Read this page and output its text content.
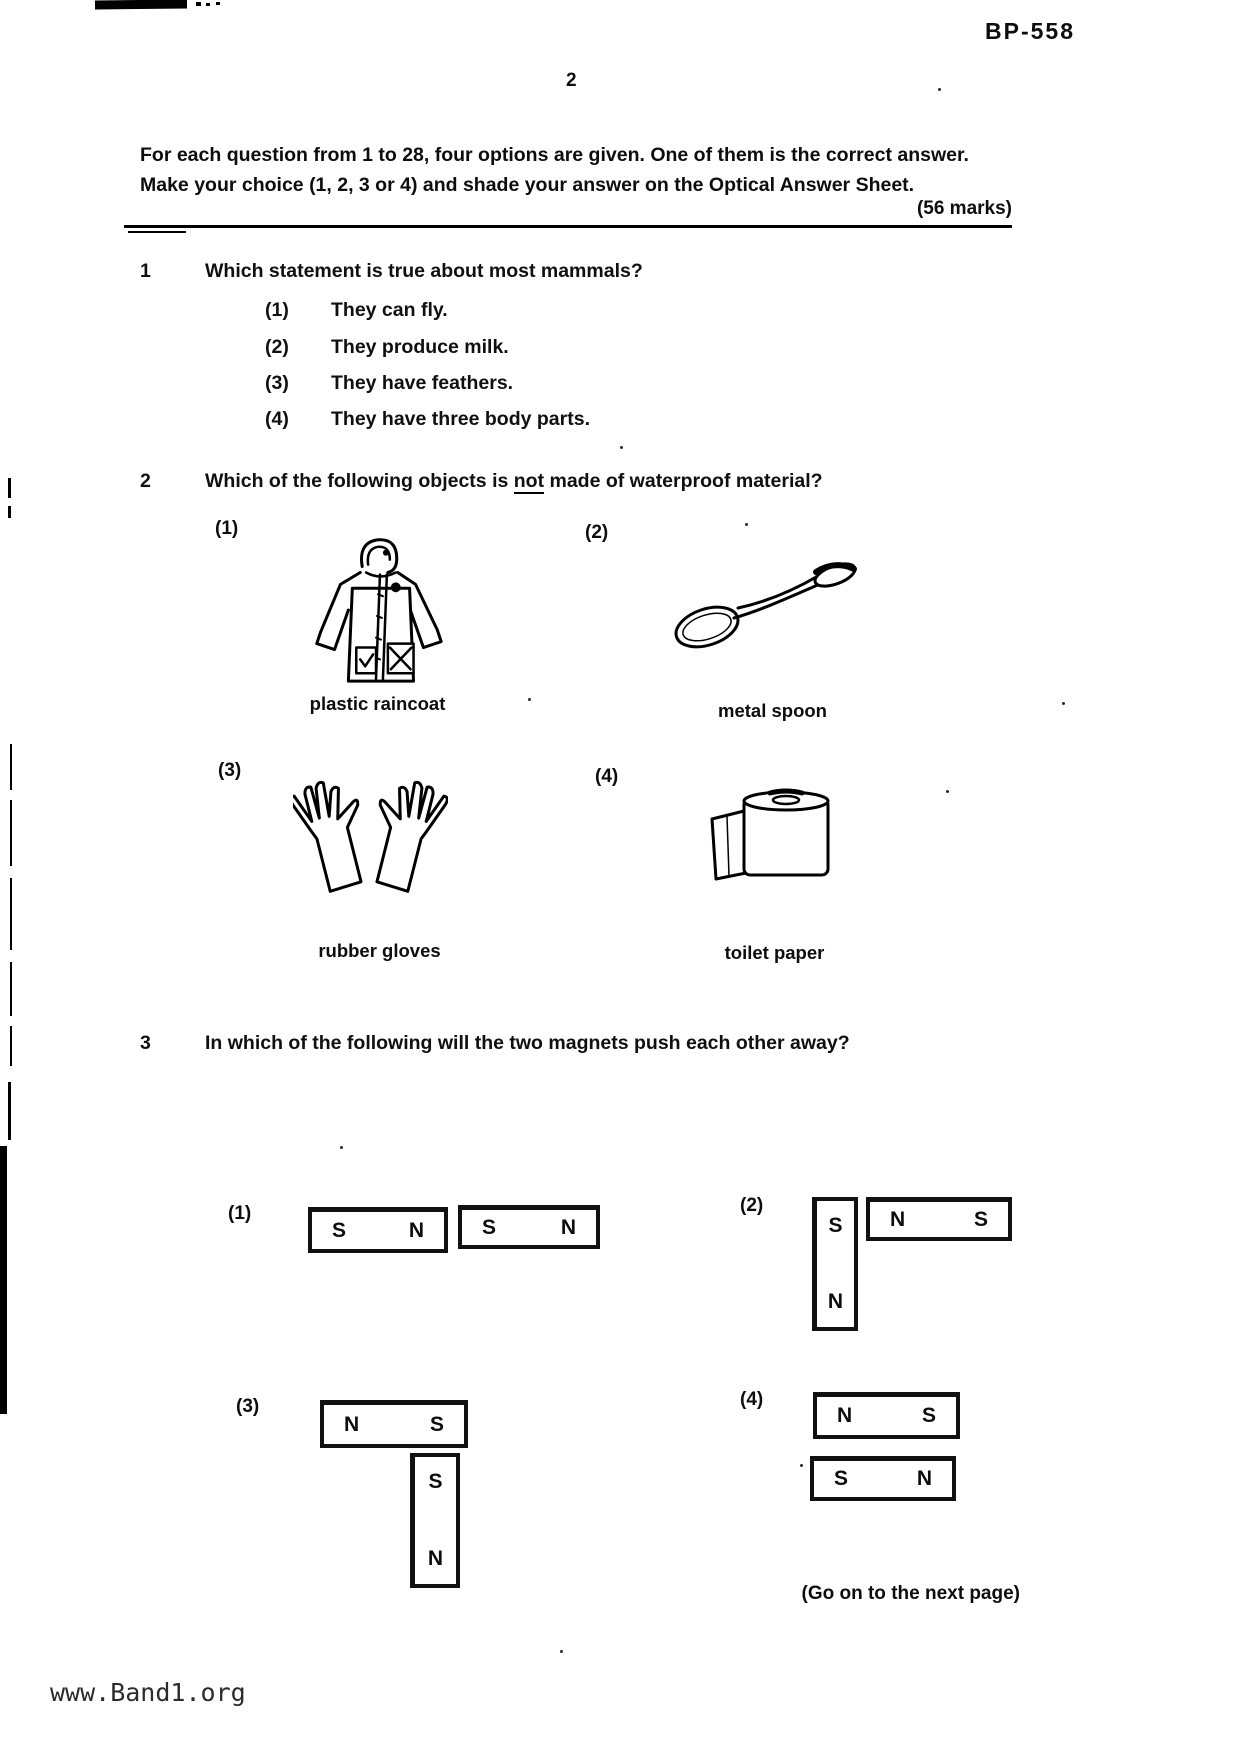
BP-558
2
For each question from 1 to 28, four options are given. One of them is the correct answer.
Make your choice (1, 2, 3 or 4) and shade your answer on the Optical Answer Sheet.
(56 marks)
1	Which statement is true about most mammals?
(1)	They can fly.
(2)	They produce milk.
(3)	They have feathers.
(4)	They have three body parts.
2	Which of the following objects is not made of waterproof material?
(1)	(2)
plastic raincoat	metal spoon
(3)	(4)
rubber gloves	toilet paper
3	In which of the following will the two magnets push each other away?
(1)
S	N	S	N
(2)
S
N
N	S
(3)
N	S
S
N
(4)
N	S
S	N
(Go on to the next page)
www.Band1.org
